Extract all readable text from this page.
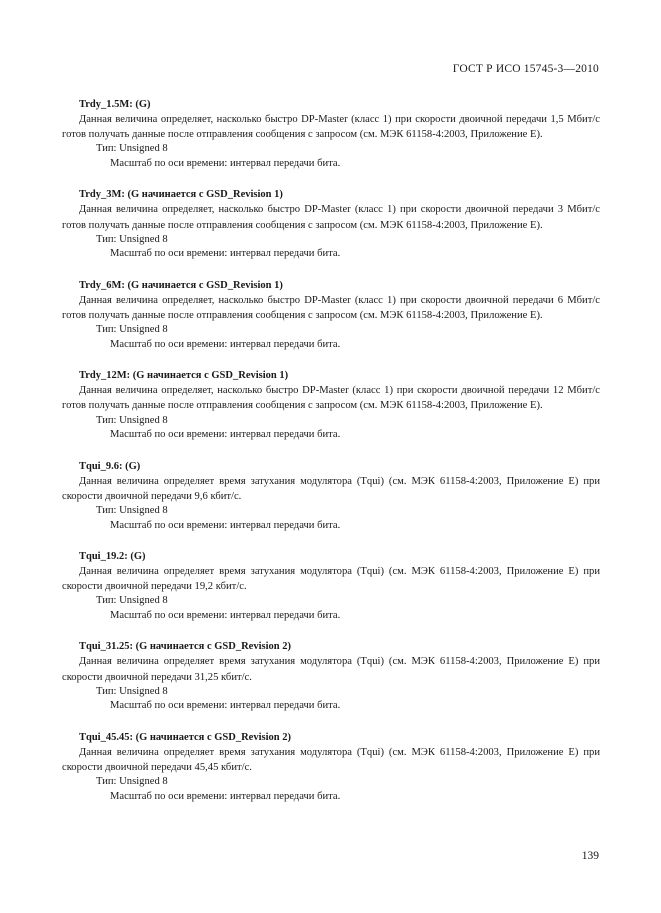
ГОСТ Р ИСО 15745-3—2010
Trdy_1.5M: (G)

Данная величина определяет, насколько быстро DP-Master (класс 1) при скорости двоичной передачи 1,5 Мбит/с готов получать данные после отправления сообщения с запросом (см. МЭК 61158-4:2003, Приложение E).

Тип: Unsigned 8
Масштаб по оси времени: интервал передачи бита.
Trdy_3M: (G начинается с GSD_Revision 1)

Данная величина определяет, насколько быстро DP-Master (класс 1) при скорости двоичной передачи 3 Мбит/с готов получать данные после отправления сообщения с запросом (см. МЭК 61158-4:2003, Приложение E).

Тип: Unsigned 8
Масштаб по оси времени: интервал передачи бита.
Trdy_6M: (G начинается с GSD_Revision 1)

Данная величина определяет, насколько быстро DP-Master (класс 1) при скорости двоичной передачи 6 Мбит/с готов получать данные после отправления сообщения с запросом (см. МЭК 61158-4:2003, Приложение E).

Тип: Unsigned 8
Масштаб по оси времени: интервал передачи бита.
Trdy_12M: (G начинается с GSD_Revision 1)

Данная величина определяет, насколько быстро DP-Master (класс 1) при скорости двоичной передачи 12 Мбит/с готов получать данные после отправления сообщения с запросом (см. МЭК 61158-4:2003, Приложение E).

Тип: Unsigned 8
Масштаб по оси времени: интервал передачи бита.
Tqui_9.6: (G)

Данная величина определяет время затухания модулятора (Tqui) (см. МЭК 61158-4:2003, Приложение E) при скорости двоичной передачи 9,6 кбит/с.

Тип: Unsigned 8
Масштаб по оси времени: интервал передачи бита.
Tqui_19.2: (G)

Данная величина определяет время затухания модулятора (Tqui) (см. МЭК 61158-4:2003, Приложение E) при скорости двоичной передачи 19,2 кбит/с.

Тип: Unsigned 8
Масштаб по оси времени: интервал передачи бита.
Tqui_31.25: (G начинается с GSD_Revision 2)

Данная величина определяет время затухания модулятора (Tqui) (см. МЭК 61158-4:2003, Приложение E) при скорости двоичной передачи 31,25 кбит/с.

Тип: Unsigned 8
Масштаб по оси времени: интервал передачи бита.
Tqui_45.45: (G начинается с GSD_Revision 2)

Данная величина определяет время затухания модулятора (Tqui) (см. МЭК 61158-4:2003, Приложение E) при скорости двоичной передачи 45,45 кбит/с.

Тип: Unsigned 8
Масштаб по оси времени: интервал передачи бита.
139
